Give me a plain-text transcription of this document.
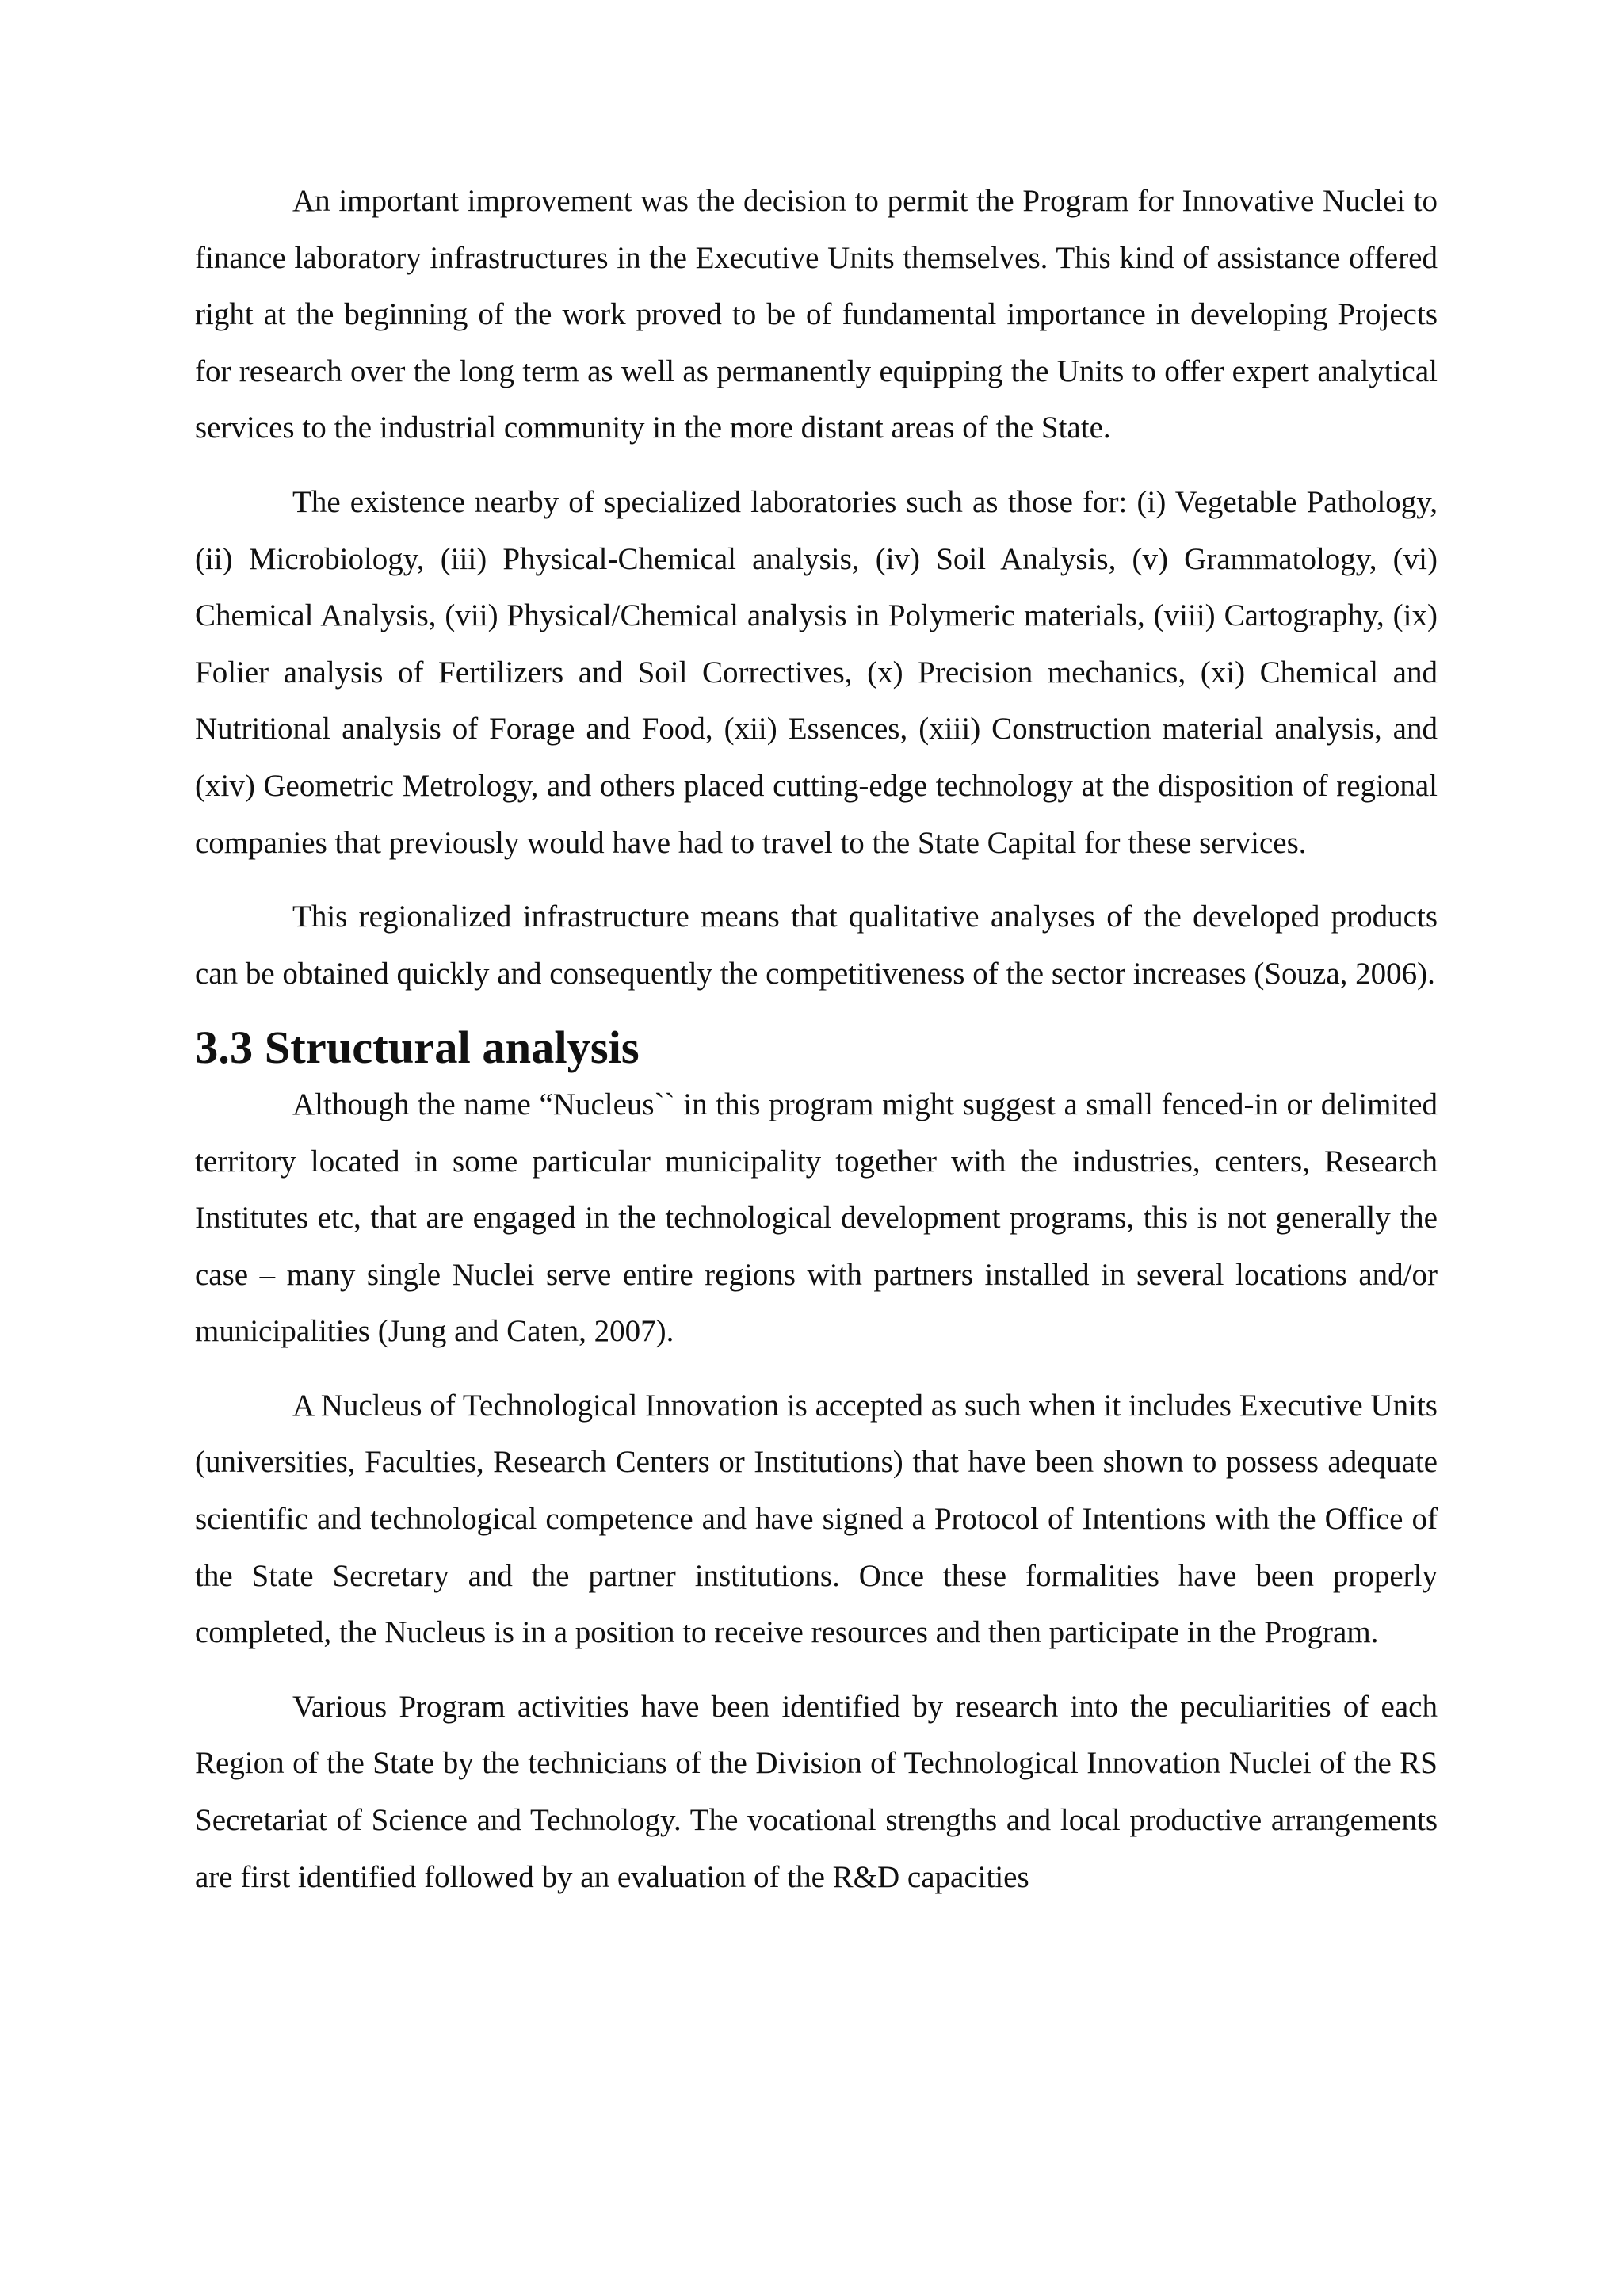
An important improvement was the decision to permit the Program for Innovative Nuclei to finance laboratory infrastructures in the Executive Units themselves. This kind of assistance offered right at the beginning of the work proved to be of fundamental importance in developing Projects for research over the long term as well as permanently equipping the Units to offer expert analytical services to the industrial community in the more distant areas of the State.

The existence nearby of specialized laboratories such as those for: (i) Vegetable Pathology, (ii) Microbiology, (iii) Physical-Chemical analysis, (iv) Soil Analysis, (v) Grammatology, (vi) Chemical Analysis, (vii) Physical/Chemical analysis in Polymeric materials, (viii) Cartography, (ix) Folier analysis of Fertilizers and Soil Correctives, (x) Precision mechanics, (xi) Chemical and Nutritional analysis of Forage and Food, (xii) Essences, (xiii) Construction material analysis, and (xiv) Geometric Metrology, and others placed cutting-edge technology at the disposition of regional companies that previously would have had to travel to the State Capital for these services.

This regionalized infrastructure means that qualitative analyses of the developed products can be obtained quickly and consequently the competitiveness of the sector increases (Souza, 2006).

3.3 Structural analysis

Although the name “Nucleus`` in this program might suggest a small fenced-in or delimited territory located in some particular municipality together with the industries, centers, Research Institutes etc, that are engaged in the technological development programs, this is not generally the case – many single Nuclei serve entire regions with partners installed in several locations and/or municipalities (Jung and Caten, 2007).

A Nucleus of Technological Innovation is accepted as such when it includes Executive Units (universities, Faculties, Research Centers or Institutions) that have been shown to possess adequate scientific and technological competence and have signed a Protocol of Intentions with the Office of the State Secretary and the partner institutions. Once these formalities have been properly completed, the Nucleus is in a position to receive resources and then participate in the Program.

Various Program activities have been identified by research into the peculiarities of each Region of the State by the technicians of the Division of Technological Innovation Nuclei of the RS Secretariat of Science and Technology. The vocational strengths and local productive arrangements are first identified followed by an evaluation of the R&D capacities
